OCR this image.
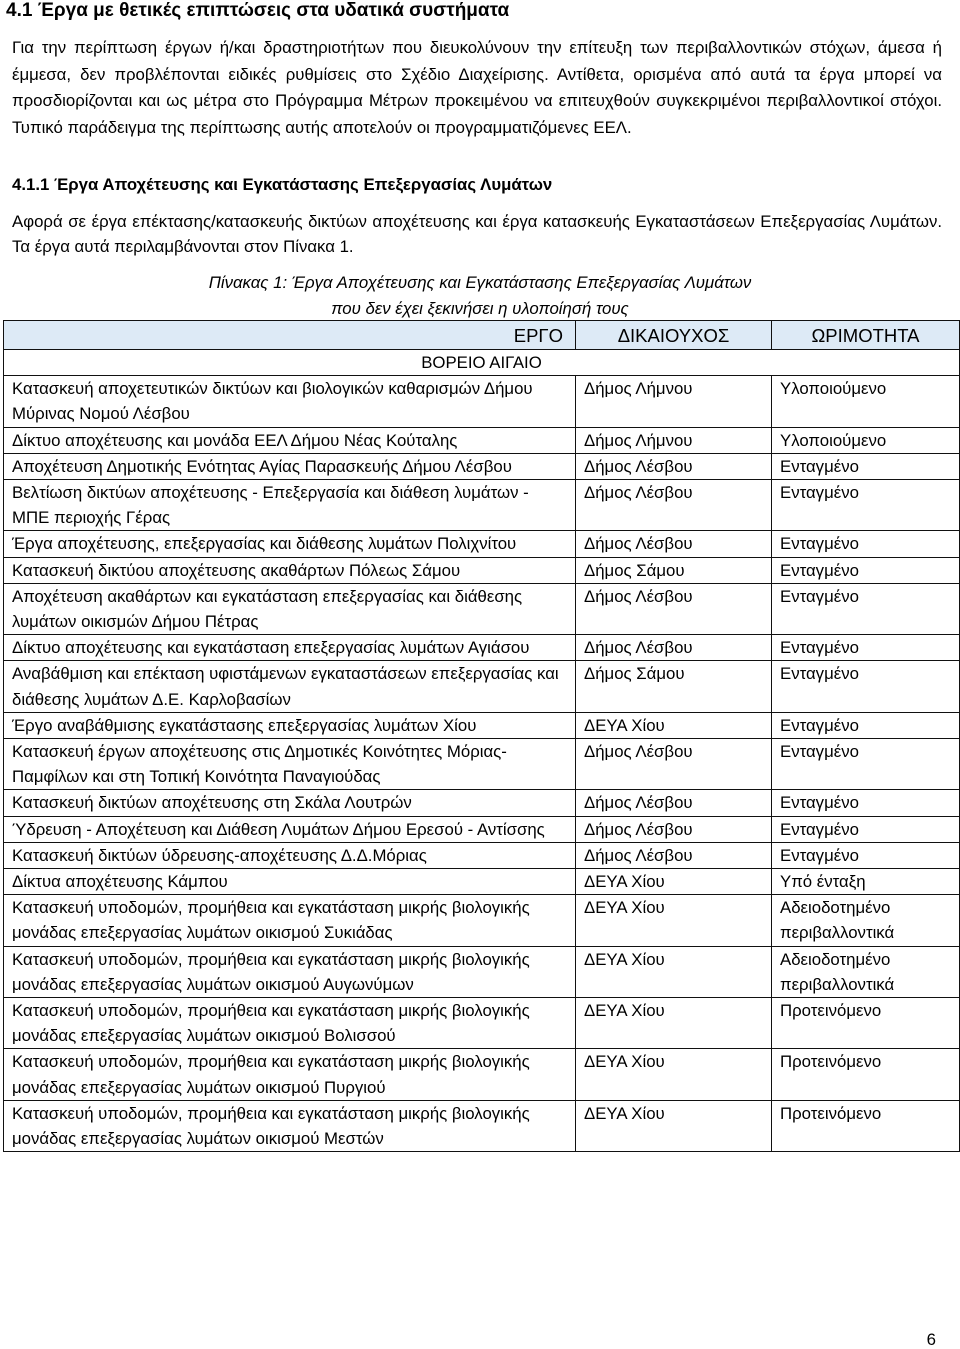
4.1 Έργα με θετικές επιπτώσεις στα υδατικά συστήματα

Για την περίπτωση έργων ή/και δραστηριοτήτων που διευκολύνουν την επίτευξη των περιβαλλοντικών στόχων, άμεσα ή έμμεσα, δεν προβλέπονται ειδικές ρυθμίσεις στο Σχέδιο Διαχείρισης. Αντίθετα, ορισμένα από αυτά τα έργα μπορεί να προσδιορίζονται και ως μέτρα στο Πρόγραμμα Μέτρων προκειμένου να επιτευχθούν συγκεκριμένοι περιβαλλοντικοί στόχοι. Τυπικό παράδειγμα της περίπτωσης αυτής αποτελούν οι προγραμματιζόμενες ΕΕΛ.

4.1.1 Έργα Αποχέτευσης και Εγκατάστασης Επεξεργασίας Λυμάτων

Αφορά σε έργα επέκτασης/κατασκευής δικτύων αποχέτευσης και έργα κατασκευής Εγκαταστάσεων Επεξεργασίας Λυμάτων. Τα έργα αυτά περιλαμβάνονται στον Πίνακα 1.

Πίνακας 1: Έργα Αποχέτευσης και Εγκατάστασης Επεξεργασίας Λυμάτων
που δεν έχει ξεκινήσει η υλοποίησή τους
ΕΡΓΟ	ΔΙΚΑΙΟΥΧΟΣ	ΩΡΙΜΟΤΗΤΑ
ΒΟΡΕΙΟ ΑΙΓΑΙΟ		
Κατασκευή αποχετευτικών δικτύων και βιολογικών καθαρισμών Δήμου Μύρινας Νομού Λέσβου	Δήμος Λήμνου	Υλοποιούμενο
Δίκτυο αποχέτευσης και μονάδα ΕΕΛ Δήμου Νέας Κούταλης	Δήμος Λήμνου	Υλοποιούμενο
Αποχέτευση Δημοτικής Ενότητας Αγίας Παρασκευής Δήμου Λέσβου	Δήμος Λέσβου	Ενταγμένο
Βελτίωση δικτύων αποχέτευσης - Επεξεργασία και διάθεση λυμάτων - ΜΠΕ περιοχής Γέρας	Δήμος Λέσβου	Ενταγμένο
Έργα αποχέτευσης, επεξεργασίας και διάθεσης λυμάτων Πολιχνίτου	Δήμος Λέσβου	Ενταγμένο
Κατασκευή δικτύου αποχέτευσης ακαθάρτων Πόλεως Σάμου	Δήμος Σάμου	Ενταγμένο
Αποχέτευση ακαθάρτων και εγκατάσταση επεξεργασίας και διάθεσης λυμάτων οικισμών Δήμου Πέτρας	Δήμος Λέσβου	Ενταγμένο
Δίκτυο αποχέτευσης και εγκατάσταση επεξεργασίας λυμάτων Αγιάσου	Δήμος Λέσβου	Ενταγμένο
Αναβάθμιση και επέκταση υφιστάμενων εγκαταστάσεων επεξεργασίας και διάθεσης λυμάτων Δ.Ε. Καρλοβασίων	Δήμος Σάμου	Ενταγμένο
Έργο αναβάθμισης εγκατάστασης επεξεργασίας λυμάτων Χίου	ΔΕΥΑ Χίου	Ενταγμένο
Κατασκευή έργων αποχέτευσης στις Δημοτικές Κοινότητες Μόριας- Παμφίλων και στη Τοπική Κοινότητα Παναγιούδας	Δήμος Λέσβου	Ενταγμένο
Κατασκευή δικτύων αποχέτευσης στη Σκάλα Λουτρών	Δήμος Λέσβου	Ενταγμένο
Ύδρευση - Αποχέτευση και Διάθεση Λυμάτων Δήμου Ερεσού - Αντίσσης	Δήμος Λέσβου	Ενταγμένο
Κατασκευή δικτύων ύδρευσης-αποχέτευσης Δ.Δ.Μόριας	Δήμος Λέσβου	Ενταγμένο
Δίκτυα αποχέτευσης Κάμπου	ΔΕΥΑ Χίου	Υπό ένταξη
Κατασκευή υποδομών, προμήθεια και εγκατάσταση μικρής βιολογικής μονάδας επεξεργασίας λυμάτων οικισμού Συκιάδας	ΔΕΥΑ Χίου	Αδειοδοτημένο περιβαλλοντικά
Κατασκευή υποδομών, προμήθεια και εγκατάσταση μικρής βιολογικής μονάδας επεξεργασίας λυμάτων οικισμού Αυγωνύμων	ΔΕΥΑ Χίου	Αδειοδοτημένο περιβαλλοντικά
Κατασκευή υποδομών, προμήθεια και εγκατάσταση μικρής βιολογικής μονάδας επεξεργασίας λυμάτων οικισμού Βολισσού	ΔΕΥΑ Χίου	Προτεινόμενο
Κατασκευή υποδομών, προμήθεια και εγκατάσταση μικρής βιολογικής μονάδας επεξεργασίας λυμάτων οικισμού Πυργιού	ΔΕΥΑ Χίου	Προτεινόμενο
Κατασκευή υποδομών, προμήθεια και εγκατάσταση μικρής βιολογικής μονάδας επεξεργασίας λυμάτων οικισμού Μεστών	ΔΕΥΑ Χίου	Προτεινόμενο
6
